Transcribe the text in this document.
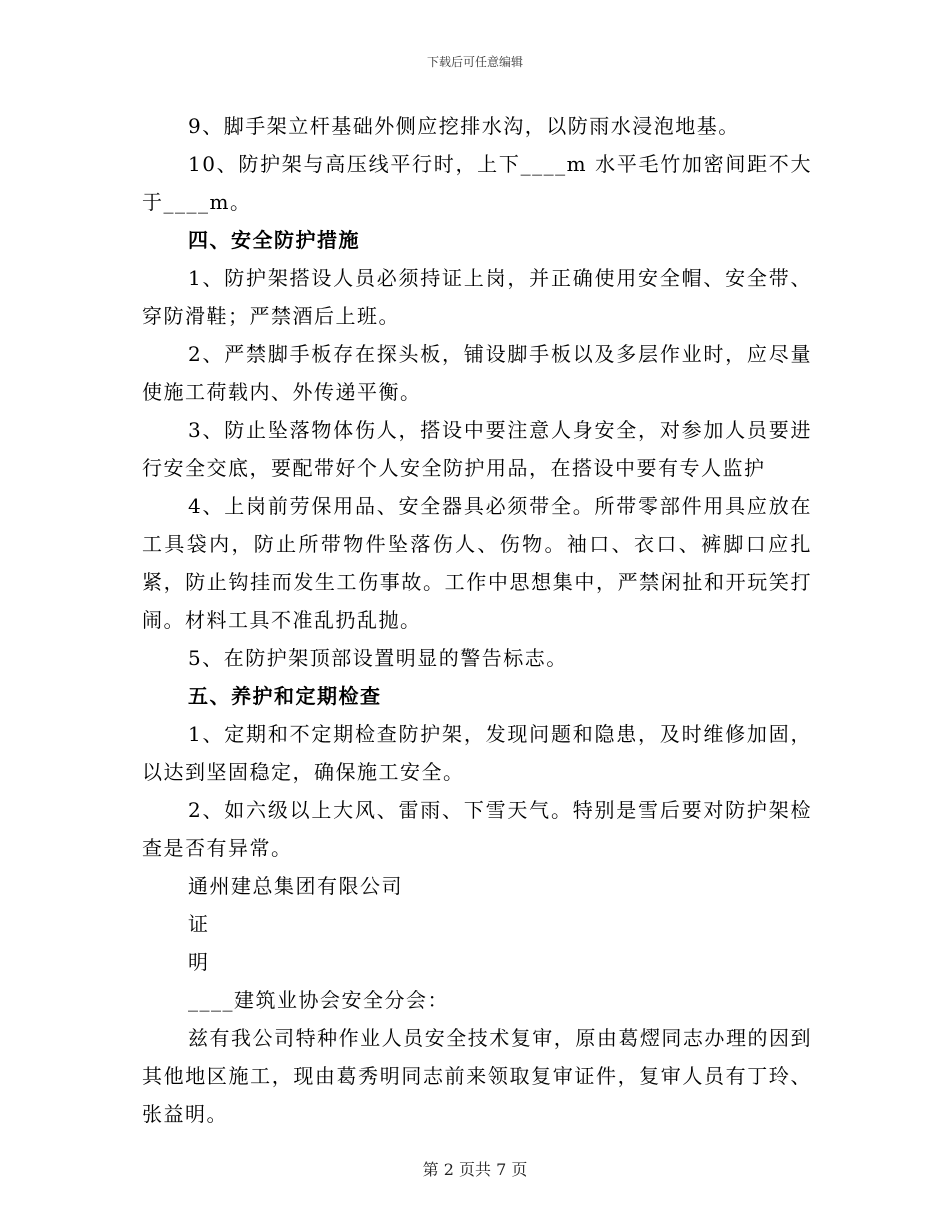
下载后可任意编辑

9、脚手架立杆基础外侧应挖排水沟，以防雨水浸泡地基。

10、防护架与高压线平行时，上下____m 水平毛竹加密间距不大于____m。

四、安全防护措施

1、防护架搭设人员必须持证上岗，并正确使用安全帽、安全带、穿防滑鞋；严禁酒后上班。

2、严禁脚手板存在探头板，铺设脚手板以及多层作业时，应尽量使施工荷载内、外传递平衡。

3、防止坠落物体伤人，搭设中要注意人身安全，对参加人员要进行安全交底，要配带好个人安全防护用品，在搭设中要有专人监护

4、上岗前劳保用品、安全器具必须带全。所带零部件用具应放在工具袋内，防止所带物件坠落伤人、伤物。袖口、衣口、裤脚口应扎紧，防止钩挂而发生工伤事故。工作中思想集中，严禁闲扯和开玩笑打闹。材料工具不准乱扔乱抛。

5、在防护架顶部设置明显的警告标志。

五、养护和定期检查

1、定期和不定期检查防护架，发现问题和隐患，及时维修加固，以达到坚固稳定，确保施工安全。

2、如六级以上大风、雷雨、下雪天气。特别是雪后要对防护架检查是否有异常。

通州建总集团有限公司

证

明

____建筑业协会安全分会：

兹有我公司特种作业人员安全技术复审，原由葛熤同志办理的因到其他地区施工，现由葛秀明同志前来领取复审证件，复审人员有丁玲、张益明。

第 2 页共 7 页
